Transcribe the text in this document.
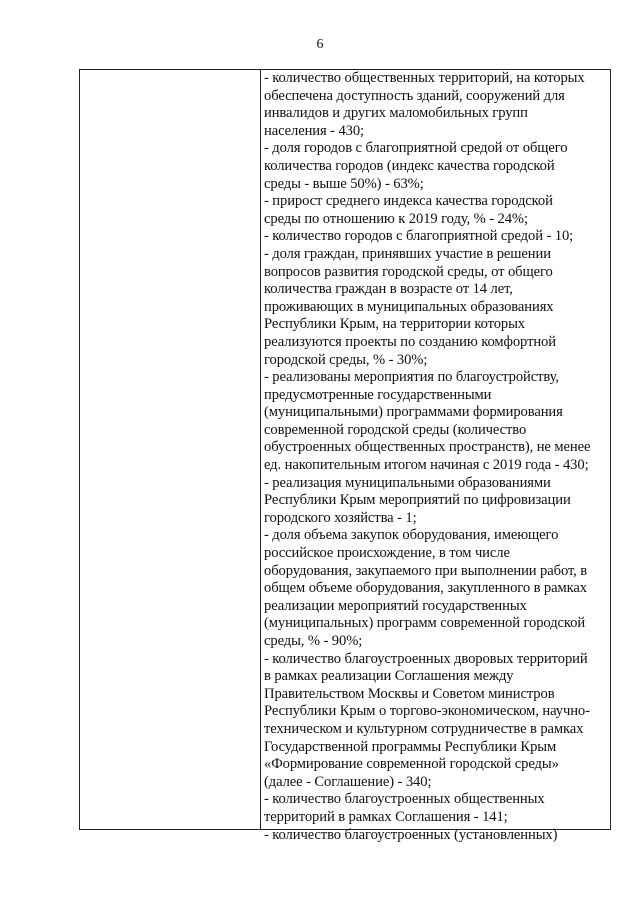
6
- количество общественных территорий, на которых
обеспечена доступность зданий, сооружений для
инвалидов и других маломобильных групп
населения - 430;
- доля городов с благоприятной средой от общего
количества городов (индекс качества городской
среды - выше 50%) - 63%;
- прирост среднего индекса качества городской
среды по отношению к 2019 году, % - 24%;
- количество городов с благоприятной средой - 10;
- доля граждан, принявших участие в решении
вопросов развития городской среды, от общего
количества граждан в возрасте от 14 лет,
проживающих в муниципальных образованиях
Республики Крым, на территории которых
реализуются проекты по созданию комфортной
городской среды, % - 30%;
- реализованы мероприятия по благоустройству,
предусмотренные государственными
(муниципальными) программами формирования
современной городской среды (количество
обустроенных общественных пространств), не менее
ед. накопительным итогом начиная с 2019 года - 430;
- реализация муниципальными образованиями
Республики Крым мероприятий по цифровизации
городского хозяйства - 1;
- доля объема закупок оборудования, имеющего
российское происхождение, в том числе
оборудования, закупаемого при выполнении работ, в
общем объеме оборудования, закупленного в рамках
реализации мероприятий государственных
(муниципальных) программ современной городской
среды, % - 90%;
- количество благоустроенных дворовых территорий
в рамках реализации Соглашения между
Правительством Москвы и Советом министров
Республики Крым о торгово-экономическом, научно-
техническом и культурном сотрудничестве в рамках
Государственной программы Республики Крым
«Формирование современной городской среды»
(далее - Соглашение) - 340;
- количество благоустроенных общественных
территорий в рамках Соглашения - 141;
- количество благоустроенных (установленных)
